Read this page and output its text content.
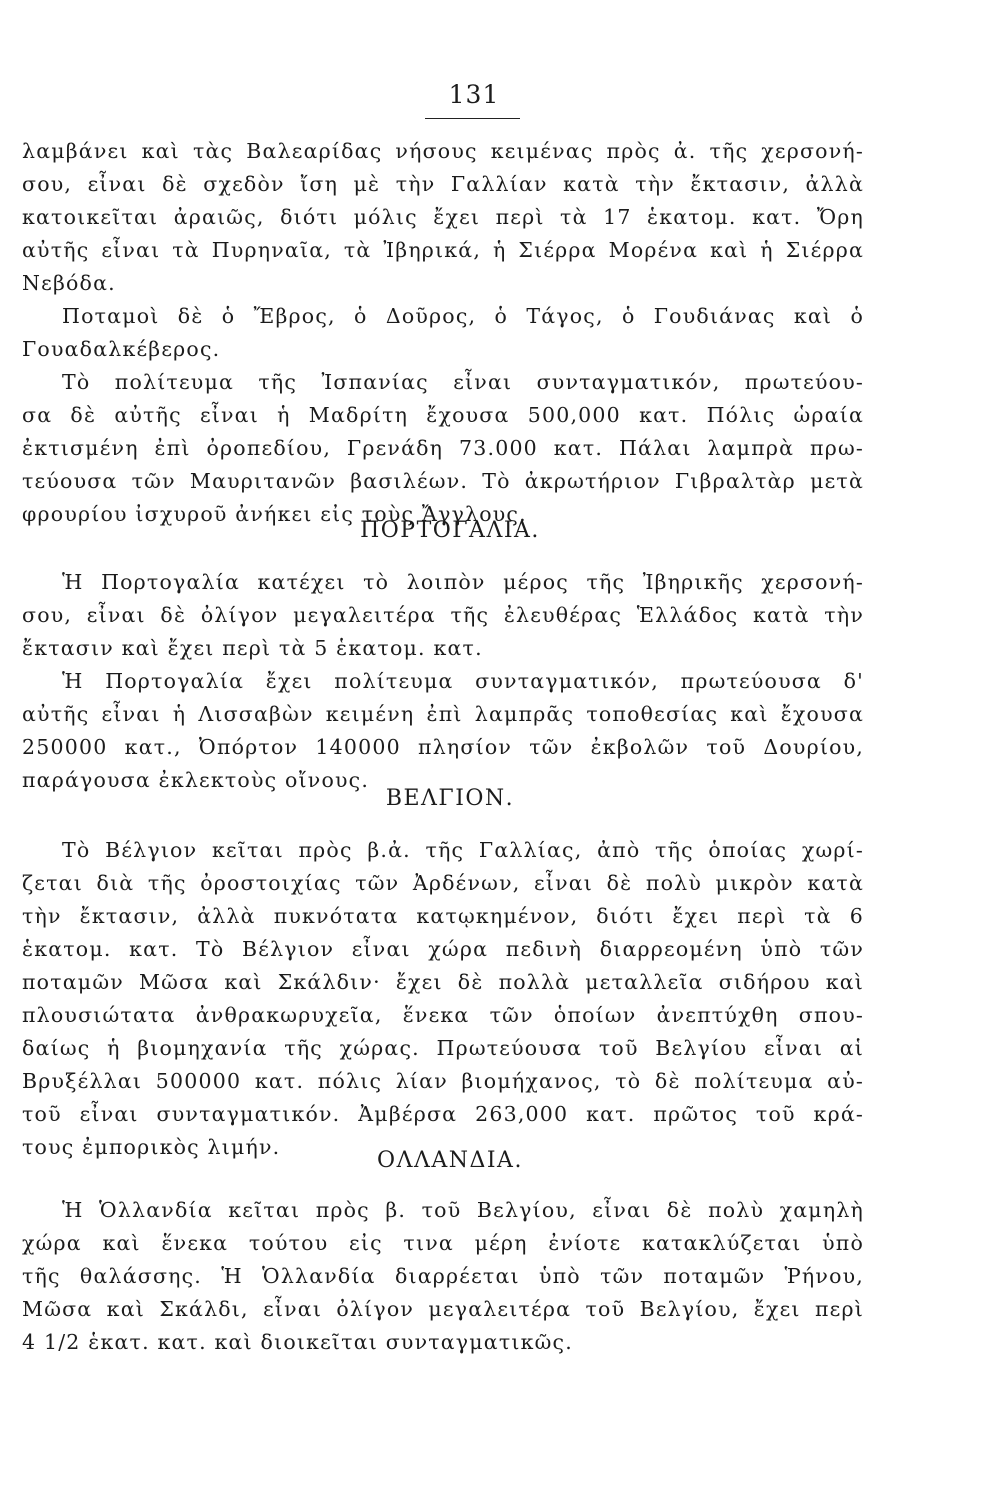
131
λαμβάνει καὶ τὰς Βαλεαρίδας νήσους κειμένας πρὸς ἀ. τῆς χερσονή-
σου, εἶναι δὲ σχεδὸν ἴση μὲ τὴν Γαλλίαν κατὰ τὴν ἔκτασιν, ἀλλὰ
κατοικεῖται ἀραιῶς, διότι μόλις ἔχει περὶ τὰ 17 ἑκατομ. κατ. Ὄρη
αὐτῆς εἶναι τὰ Πυρηναῖα, τὰ Ἰβηρικά, ἡ Σιέρρα Μορένα καὶ ἡ Σιέρρα
Νεβόδα.
Ποταμοὶ δὲ ὁ Ἔβρος, ὁ Δοῦρος, ὁ Τάγος, ὁ Γουδιάνας καὶ ὁ
Γουαδαλκέβερος.
Τὸ πολίτευμα τῆς Ἰσπανίας εἶναι συνταγματικόν, πρωτεύου-
σα δὲ αὐτῆς εἶναι ἡ Μαδρίτη ἔχουσα 500,000 κατ. Πόλις ὡραία
ἐκτισμένη ἐπὶ ὀροπεδίου, Γρενάδη 73.000 κατ. Πάλαι λαμπρὰ πρω-
τεύουσα τῶν Μαυριτανῶν βασιλέων. Τὸ ἀκρωτήριον Γιβραλτὰρ μετὰ
φρουρίου ἰσχυροῦ ἀνήκει εἰς τοὺς Ἄγγλους.
ΠΟΡΤΟΓΑΛΙΑ.
Ἡ Πορτογαλία κατέχει τὸ λοιπὸν μέρος τῆς Ἰβηρικῆς χερσονή-
σου, εἶναι δὲ ὀλίγον μεγαλειτέρα τῆς ἐλευθέρας Ἑλλάδος κατὰ τὴν
ἔκτασιν καὶ ἔχει περὶ τὰ 5 ἑκατομ. κατ.
Ἡ Πορτογαλία ἔχει πολίτευμα συνταγματικόν, πρωτεύουσα δ'
αὐτῆς εἶναι ἡ Λισσαβὼν κειμένη ἐπὶ λαμπρᾶς τοποθεσίας καὶ ἔχουσα
250000 κατ., Ὀπόρτον 140000 πλησίον τῶν ἐκβολῶν τοῦ Δουρίου,
παράγουσα ἐκλεκτοὺς οἴνους.
ΒΕΛΓΙΟΝ.
Τὸ Βέλγιον κεῖται πρὸς β.ἀ. τῆς Γαλλίας, ἀπὸ τῆς ὁποίας χωρί-
ζεται διὰ τῆς ὀροστοιχίας τῶν Ἀρδένων, εἶναι δὲ πολὺ μικρὸν κατὰ
τὴν ἔκτασιν, ἀλλὰ πυκνότατα κατῳκημένον, διότι ἔχει περὶ τὰ 6
ἑκατομ. κατ. Τὸ Βέλγιον εἶναι χώρα πεδινὴ διαρρεομένη ὑπὸ τῶν
ποταμῶν Μῶσα καὶ Σκάλδιν· ἔχει δὲ πολλὰ μεταλλεῖα σιδήρου καὶ
πλουσιώτατα ἀνθρακωρυχεῖα, ἕνεκα τῶν ὁποίων ἀνεπτύχθη σπου-
δαίως ἡ βιομηχανία τῆς χώρας. Πρωτεύουσα τοῦ Βελγίου εἶναι αἱ
Βρυξέλλαι 500000 κατ. πόλις λίαν βιομήχανος, τὸ δὲ πολίτευμα αὐ-
τοῦ εἶναι συνταγματικόν. Ἀμβέρσα 263,000 κατ. πρῶτος τοῦ κρά-
τους ἐμπορικὸς λιμήν.
ΟΛΛΑΝΔΙΑ.
Ἡ Ὁλλανδία κεῖται πρὸς β. τοῦ Βελγίου, εἶναι δὲ πολὺ χαμηλὴ
χώρα καὶ ἕνεκα τούτου εἰς τινα μέρη ἐνίοτε κατακλύζεται ὑπὸ
τῆς θαλάσσης. Ἡ Ὁλλανδία διαρρέεται ὑπὸ τῶν ποταμῶν Ῥήνου,
Μῶσα καὶ Σκάλδι, εἶναι ὀλίγον μεγαλειτέρα τοῦ Βελγίου, ἔχει περὶ
4 1/2 ἑκατ. κατ. καὶ διοικεῖται συνταγματικῶς.
